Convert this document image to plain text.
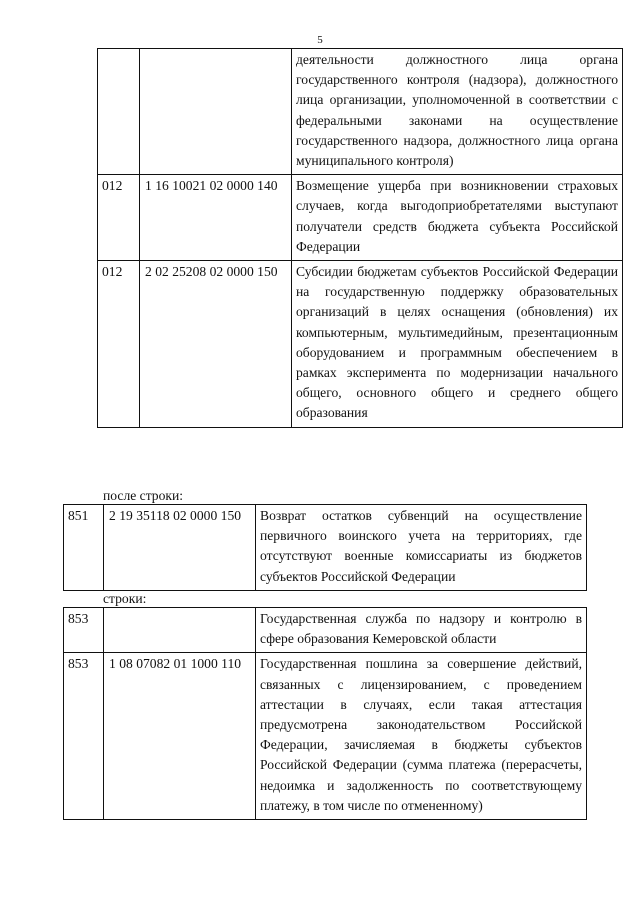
5
		деятельности должностного лица органа государственного контроля (надзора), должностного лица организации, уполномоченной в соответствии с федеральными законами на осуществление государственного надзора, должностного лица органа муниципального контроля)
012	1 16 10021 02 0000 140	Возмещение ущерба при возникновении страховых случаев, когда выгодоприобретателями выступают получатели средств бюджета субъекта Российской Федерации
012	2 02 25208 02 0000 150	Субсидии бюджетам субъектов Российской Федерации на государственную поддержку образовательных организаций в целях оснащения (обновления) их компьютерным, мультимедийным, презентационным оборудованием и программным обеспечением в рамках эксперимента по модернизации начального общего, основного общего и среднего общего образования
после строки:
851	2 19 35118 02 0000 150	Возврат остатков субвенций на осуществление первичного воинского учета на территориях, где отсутствуют военные комиссариаты из бюджетов субъектов Российской Федерации
строки:
853		Государственная служба по надзору и контролю в сфере образования Кемеровской области
853	1 08 07082 01 1000 110	Государственная пошлина за совершение действий, связанных с лицензированием, с проведением аттестации в случаях, если такая аттестация предусмотрена законодательством Российской Федерации, зачисляемая в бюджеты субъектов Российской Федерации (сумма платежа (перерасчеты, недоимка и задолженность по соответствующему платежу, в том числе по отмененному)
